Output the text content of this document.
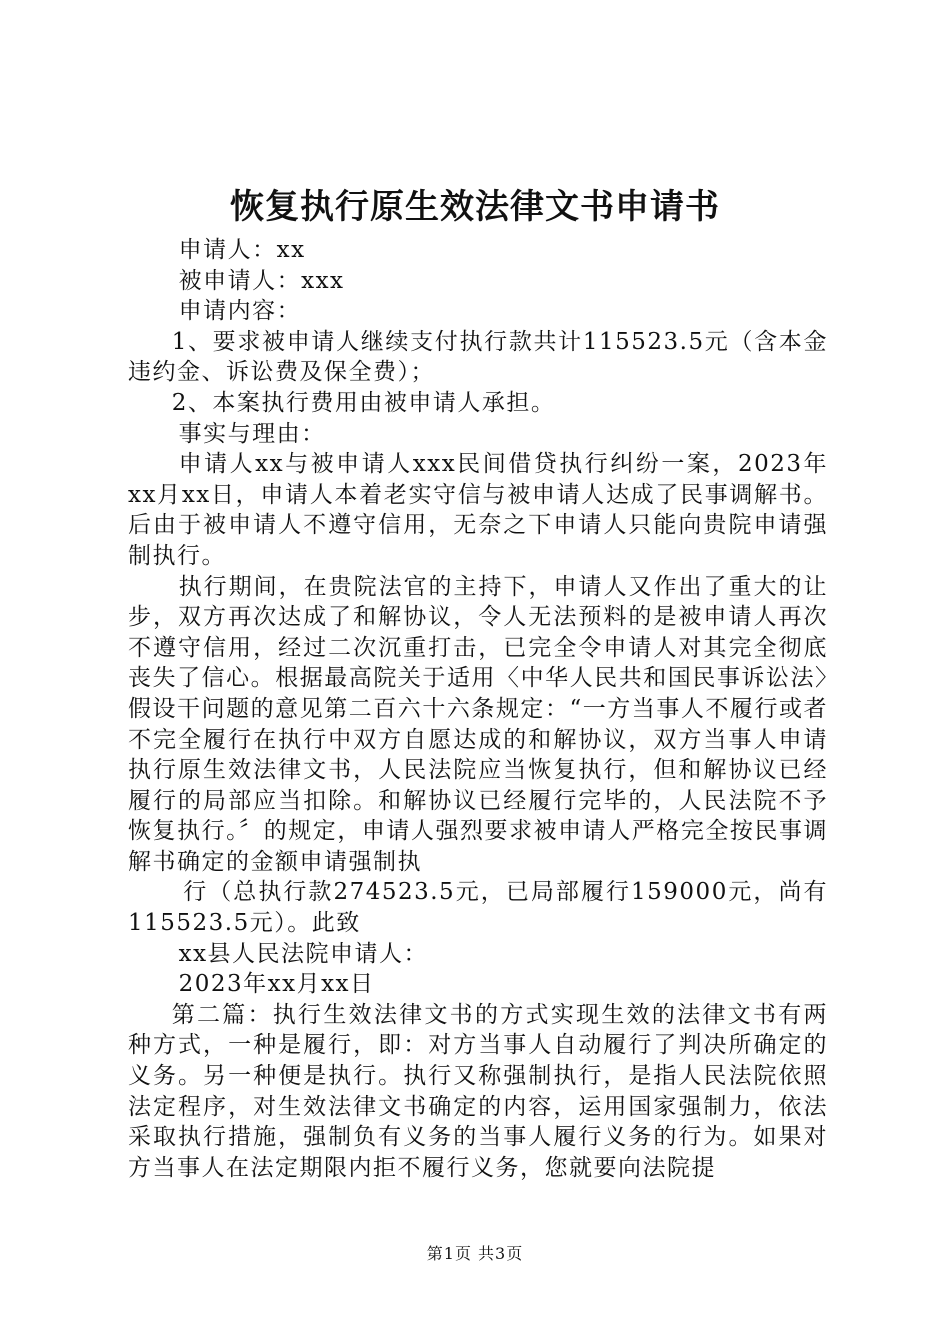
恢复执行原生效法律文书申请书

申请人：xx

被申请人：xxx

申请内容：

1、要求被申请人继续支付执行款共计115523.5元（含本金违约金、诉讼费及保全费）；

2、本案执行费用由被申请人承担。

事实与理由：

申请人xx与被申请人xxx民间借贷执行纠纷一案，2023年xx月xx日，申请人本着老实守信与被申请人达成了民事调解书。后由于被申请人不遵守信用，无奈之下申请人只能向贵院申请强制执行。

执行期间，在贵院法官的主持下，申请人又作出了重大的让步，双方再次达成了和解协议，令人无法预料的是被申请人再次不遵守信用，经过二次沉重打击，已完全令申请人对其完全彻底丧失了信心。根据最高院关于适用〈中华人民共和国民事诉讼法〉假设干问题的意见第二百六十六条规定：“一方当事人不履行或者不完全履行在执行中双方自愿达成的和解协议，双方当事人申请执行原生效法律文书，人民法院应当恢复执行，但和解协议已经履行的局部应当扣除。和解协议已经履行完毕的，人民法院不予恢复执行。〞的规定，申请人强烈要求被申请人严格完全按民事调解书确定的金额申请强制执

行（总执行款274523.5元，已局部履行159000元，尚有115523.5元）。此致

xx县人民法院申请人：

2023年xx月xx日

第二篇：执行生效法律文书的方式实现生效的法律文书有两种方式，一种是履行，即：对方当事人自动履行了判决所确定的义务。另一种便是执行。执行又称强制执行，是指人民法院依照法定程序，对生效法律文书确定的内容，运用国家强制力，依法采取执行措施，强制负有义务的当事人履行义务的行为。如果对方当事人在法定期限内拒不履行义务，您就要向法院提

第1页 共3页
